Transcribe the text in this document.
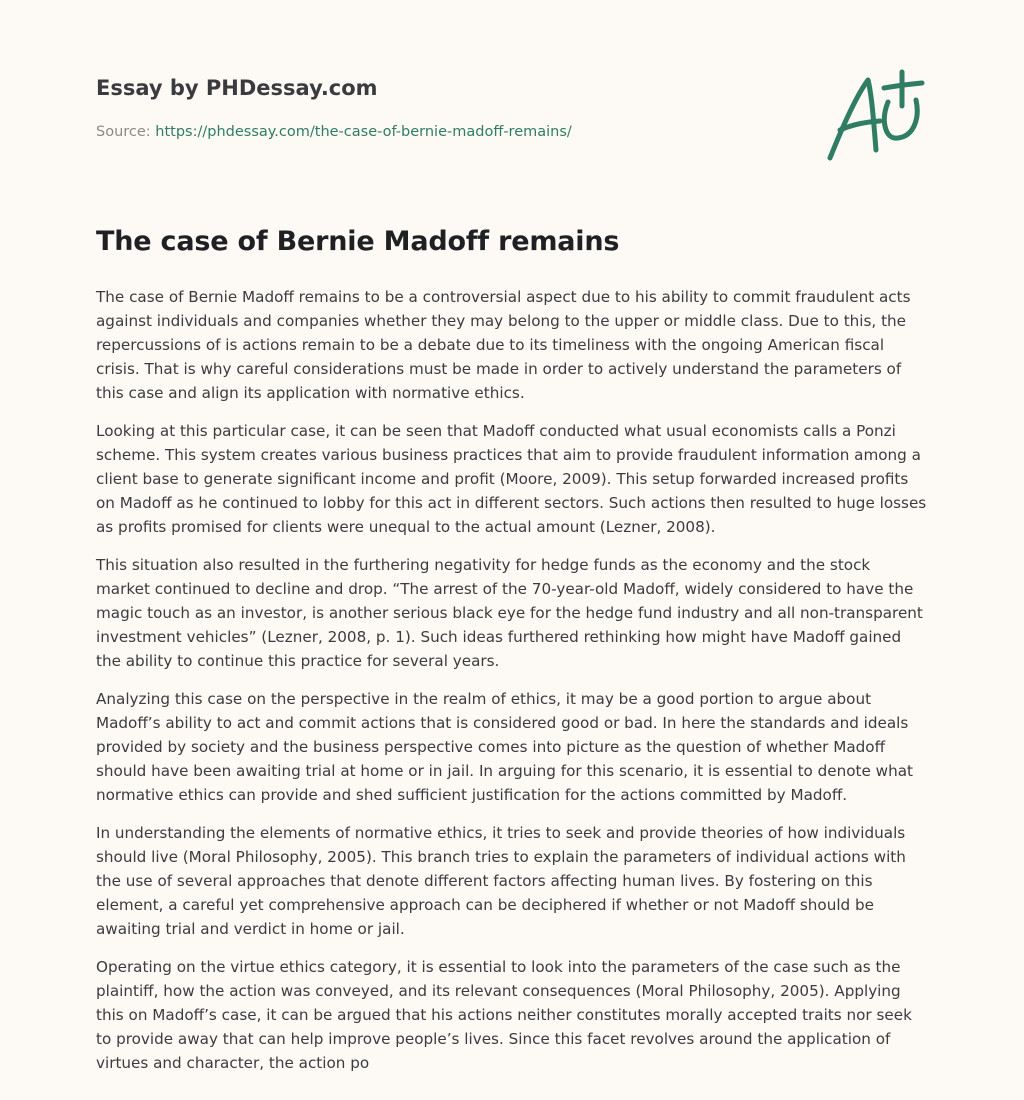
Essay by PHDessay.com
Source: https://phdessay.com/the-case-of-bernie-madoff-remains/
The case of Bernie Madoff remains

The case of Bernie Madoff remains to be a controversial aspect due to his ability to commit fraudulent acts against individuals and companies whether they may belong to the upper or middle class. Due to this, the repercussions of is actions remain to be a debate due to its timeliness with the ongoing American fiscal crisis. That is why careful considerations must be made in order to actively understand the parameters of this case and align its application with normative ethics.

Looking at this particular case, it can be seen that Madoff conducted what usual economists calls a Ponzi scheme. This system creates various business practices that aim to provide fraudulent information among a client base to generate significant income and profit (Moore, 2009). This setup forwarded increased profits on Madoff as he continued to lobby for this act in different sectors. Such actions then resulted to huge losses as profits promised for clients were unequal to the actual amount (Lezner, 2008).

This situation also resulted in the furthering negativity for hedge funds as the economy and the stock market continued to decline and drop. “The arrest of the 70-year-old Madoff, widely considered to have the magic touch as an investor, is another serious black eye for the hedge fund industry and all non-transparent investment vehicles” (Lezner, 2008, p. 1). Such ideas furthered rethinking how might have Madoff gained the ability to continue this practice for several years.

Analyzing this case on the perspective in the realm of ethics, it may be a good portion to argue about Madoff’s ability to act and commit actions that is considered good or bad. In here the standards and ideals provided by society and the business perspective comes into picture as the question of whether Madoff should have been awaiting trial at home or in jail. In arguing for this scenario, it is essential to denote what normative ethics can provide and shed sufficient justification for the actions committed by Madoff.

In understanding the elements of normative ethics, it tries to seek and provide theories of how individuals should live (Moral Philosophy, 2005). This branch tries to explain the parameters of individual actions with the use of several approaches that denote different factors affecting human lives. By fostering on this element, a careful yet comprehensive approach can be deciphered if whether or not Madoff should be awaiting trial and verdict in home or jail.

Operating on the virtue ethics category, it is essential to look into the parameters of the case such as the plaintiff, how the action was conveyed, and its relevant consequences (Moral Philosophy, 2005). Applying this on Madoff’s case, it can be argued that his actions neither constitutes morally accepted traits nor seek to provide away that can help improve people’s lives. Since this facet revolves around the application of virtues and character, the action po
